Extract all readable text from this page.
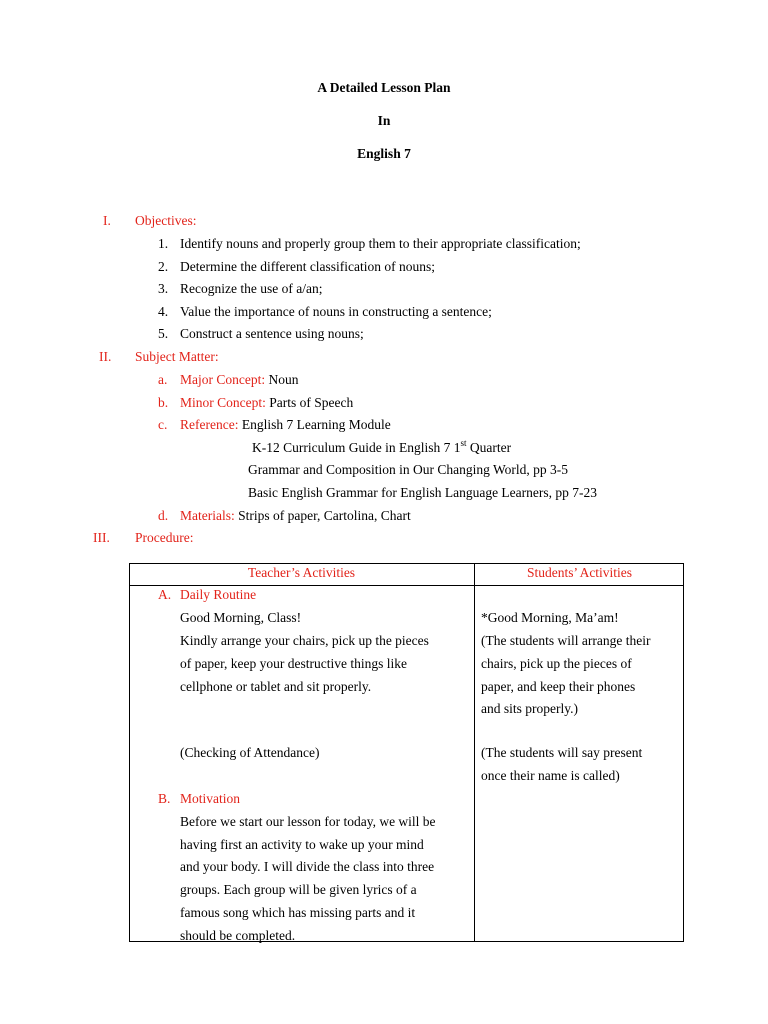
A Detailed Lesson Plan
In
English 7
I. Objectives:
1. Identify nouns and properly group them to their appropriate classification;
2. Determine the different classification of nouns;
3. Recognize the use of a/an;
4. Value the importance of nouns in constructing a sentence;
5. Construct a sentence using nouns;
II. Subject Matter:
a. Major Concept: Noun
b. Minor Concept: Parts of Speech
c. Reference: English 7 Learning Module
K-12 Curriculum Guide in English 7 1st Quarter
Grammar and Composition in Our Changing World, pp 3-5
Basic English Grammar for English Language Learners, pp 7-23
d. Materials: Strips of paper, Cartolina, Chart
III. Procedure:
Teacher’s Activities	Students’ Activities
A. Daily Routine
Good Morning, Class!
Kindly arrange your chairs, pick up the pieces
of paper, keep your destructive things like
cellphone or tablet and sit properly.
(Checking of Attendance)
*Good Morning, Ma’am!
(The students will arrange their
chairs, pick up the pieces of
paper, and keep their phones
and sits properly.)
(The students will say present
once their name is called)
B. Motivation
Before we start our lesson for today, we will be
having first an activity to wake up your mind
and your body. I will divide the class into three
groups. Each group will be given lyrics of a
famous song which has missing parts and it
should be completed.
